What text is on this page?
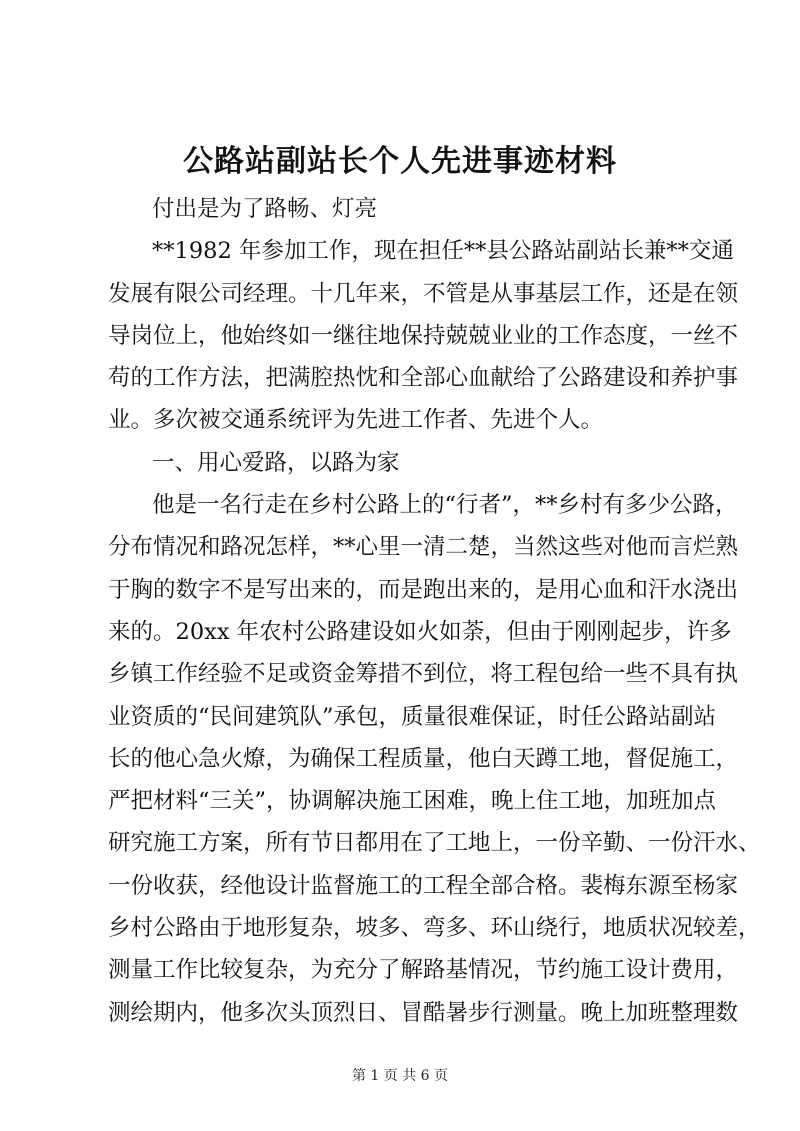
公路站副站长个人先进事迹材料
付出是为了路畅、灯亮
**1982 年参加工作，现在担任**县公路站副站长兼**交通
发展有限公司经理。十几年来，不管是从事基层工作，还是在领
导岗位上，他始终如一继往地保持兢兢业业的工作态度，一丝不
苟的工作方法，把满腔热忱和全部心血献给了公路建设和养护事
业。多次被交通系统评为先进工作者、先进个人。
一、用心爱路，以路为家
他是一名行走在乡村公路上的“行者”，**乡村有多少公路，
分布情况和路况怎样，**心里一清二楚，当然这些对他而言烂熟
于胸的数字不是写出来的，而是跑出来的，是用心血和汗水浇出
来的。20xx 年农村公路建设如火如荼，但由于刚刚起步，许多
乡镇工作经验不足或资金筹措不到位，将工程包给一些不具有执
业资质的“民间建筑队”承包，质量很难保证，时任公路站副站
长的他心急火燎，为确保工程质量，他白天蹲工地，督促施工，
严把材料“三关”，协调解决施工困难，晚上住工地，加班加点
研究施工方案，所有节日都用在了工地上，一份辛勤、一份汗水、
一份收获，经他设计监督施工的工程全部合格。裴梅东源至杨家
乡村公路由于地形复杂，坡多、弯多、环山绕行，地质状况较差，
测量工作比较复杂，为充分了解路基情况，节约施工设计费用，
测绘期内，他多次头顶烈日、冒酷暑步行测量。晚上加班整理数
第 1 页 共 6 页
